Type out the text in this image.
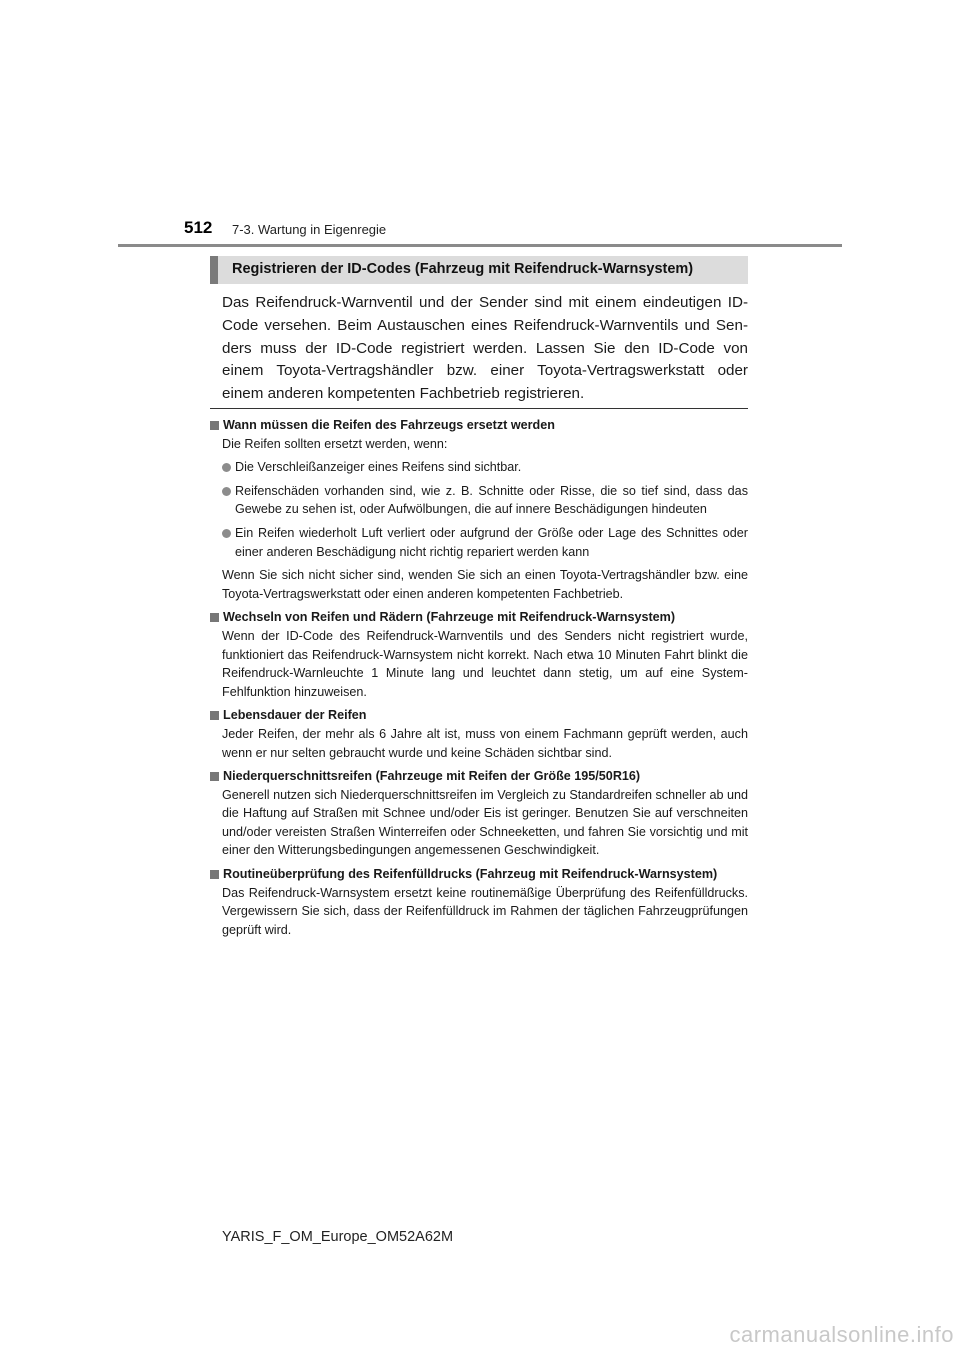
512 7-3. Wartung in Eigenregie
Registrieren der ID-Codes (Fahrzeug mit Reifendruck-Warnsystem)

Das Reifendruck-Warnventil und der Sender sind mit einem eindeutigen ID-Code versehen. Beim Austauschen eines Reifendruck-Warnventils und Senders muss der ID-Code registriert werden. Lassen Sie den ID-Code von einem Toyota-Vertragshändler bzw. einer Toyota-Vertragswerkstatt oder einem anderen kompetenten Fachbetrieb registrieren.

Wann müssen die Reifen des Fahrzeugs ersetzt werden

Die Reifen sollten ersetzt werden, wenn:

Die Verschleißanzeiger eines Reifens sind sichtbar.
Reifenschäden vorhanden sind, wie z. B. Schnitte oder Risse, die so tief sind, dass das Gewebe zu sehen ist, oder Aufwölbungen, die auf innere Beschädigungen hindeuten
Ein Reifen wiederholt Luft verliert oder aufgrund der Größe oder Lage des Schnittes oder einer anderen Beschädigung nicht richtig repariert werden kann

Wenn Sie sich nicht sicher sind, wenden Sie sich an einen Toyota-Vertragshändler bzw. eine Toyota-Vertragswerkstatt oder einen anderen kompetenten Fachbetrieb.

Wechseln von Reifen und Rädern (Fahrzeuge mit Reifendruck-Warnsystem)

Wenn der ID-Code des Reifendruck-Warnventils und des Senders nicht registriert wurde, funktioniert das Reifendruck-Warnsystem nicht korrekt. Nach etwa 10 Minuten Fahrt blinkt die Reifendruck-Warnleuchte 1 Minute lang und leuchtet dann stetig, um auf eine System-Fehlfunktion hinzuweisen.

Lebensdauer der Reifen

Jeder Reifen, der mehr als 6 Jahre alt ist, muss von einem Fachmann geprüft werden, auch wenn er nur selten gebraucht wurde und keine Schäden sichtbar sind.

Niederquerschnittsreifen (Fahrzeuge mit Reifen der Größe 195/50R16)

Generell nutzen sich Niederquerschnittsreifen im Vergleich zu Standardreifen schneller ab und die Haftung auf Straßen mit Schnee und/oder Eis ist geringer. Benutzen Sie auf verschneiten und/oder vereisten Straßen Winterreifen oder Schneeketten, und fahren Sie vorsichtig und mit einer den Witterungsbedingungen angemessenen Geschwindigkeit.

Routineüberprüfung des Reifenfülldrucks (Fahrzeug mit Reifendruck-Warnsystem)

Das Reifendruck-Warnsystem ersetzt keine routinemäßige Überprüfung des Reifenfülldrucks. Vergewissern Sie sich, dass der Reifenfülldruck im Rahmen der täglichen Fahrzeugprüfungen geprüft wird.

YARIS_F_OM_Europe_OM52A62M
carmanualsonline.info
